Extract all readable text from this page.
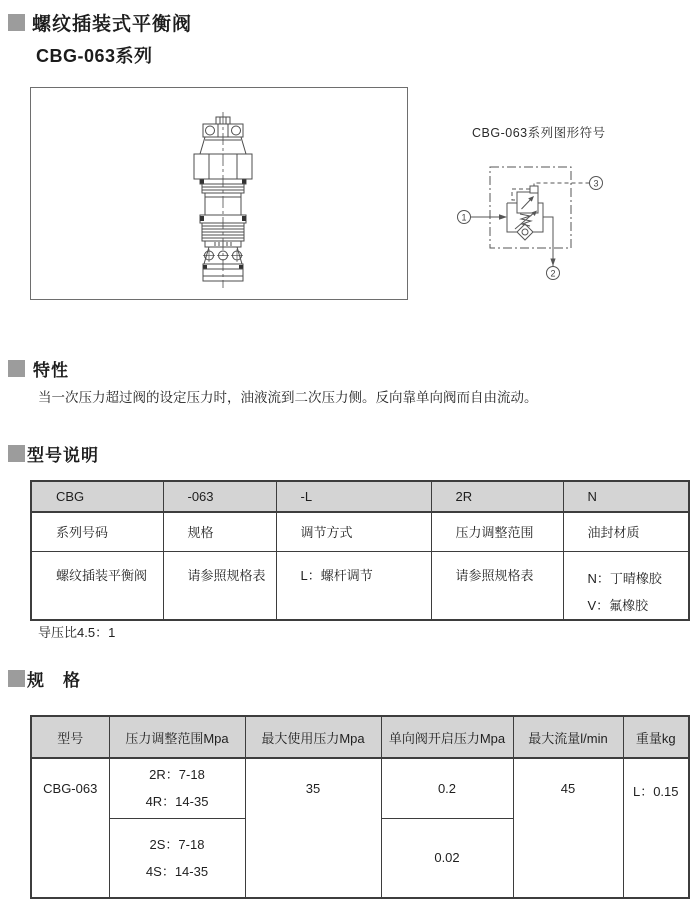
螺纹插装式平衡阀
CBG-063系列
CBG-063系列图形符号
1
2
3
特性

当一次压力超过阀的设定压力时，油液流到二次压力侧。反向靠单向阀而自由流动。

型号说明
CBG	-063	-L	2R	N
系列号码	规格	调节方式	压力调整范围	油封材质
螺纹插装平衡阀	请参照规格表	L：螺杆调节	请参照规格表	N：丁晴橡胶
V：氟橡胶
导压比4.5：1
规　格
型号	压力调整范围Mpa	最大使用压力Mpa	单向阀开启压力Mpa	最大流量l/min	重量kg
CBG-063	2R：7-18
4R：14-35	35	0.2	45	L：0.15

	2S：7-18
4S：14-35		0.02		
